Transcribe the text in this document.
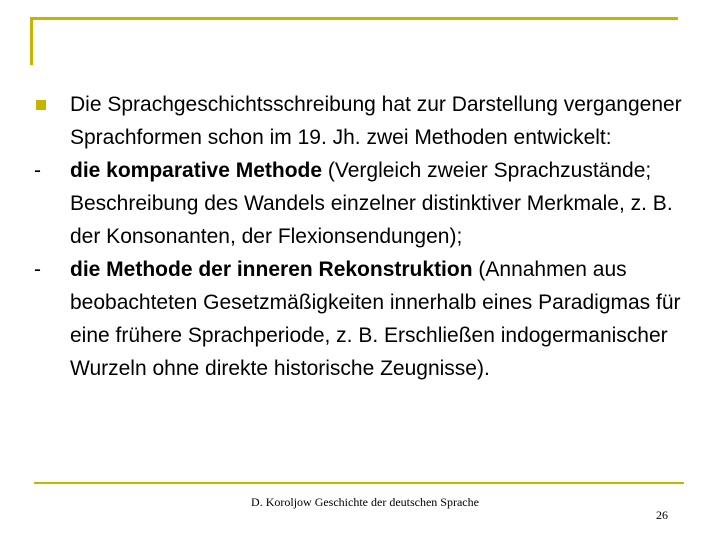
Die Sprachgeschichtsschreibung hat zur Darstellung vergangener Sprachformen schon im 19. Jh. zwei Methoden entwickelt:
- die komparative Methode (Vergleich zweier Sprachzustände; Beschreibung des Wandels einzelner distinktiver Merkmale, z. B. der Konsonanten, der Flexionsendungen);
- die Methode der inneren Rekonstruktion (Annahmen aus beobachteten Gesetzmäßigkeiten innerhalb eines Paradigmas für eine frühere Sprachperiode, z. B. Erschließen indogermanischer Wurzeln ohne direkte historische Zeugnisse).
D. Koroljow Geschichte der deutschen Sprache
26
